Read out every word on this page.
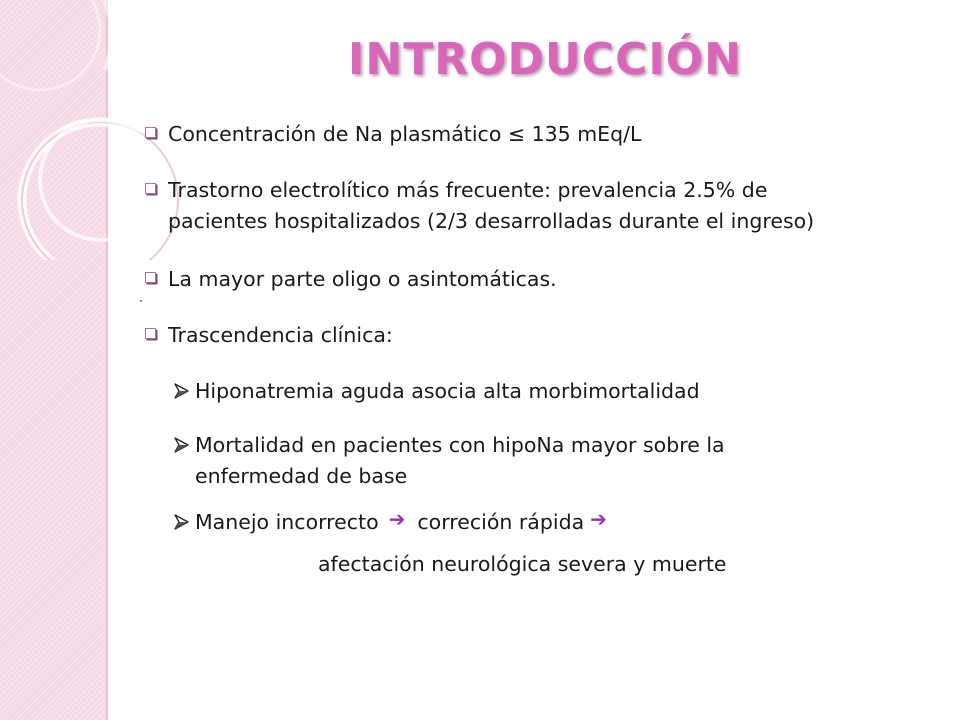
INTRODUCCIÓN
Concentración de Na plasmático ≤ 135 mEq/L
Trastorno electrolítico más frecuente: prevalencia 2.5% de
pacientes hospitalizados (2/3 desarrolladas durante el ingreso)
La mayor parte oligo o asintomáticas.
Trascendencia clínica:
Hiponatremia aguda asocia alta morbimortalidad
Mortalidad en pacientes con hipoNa mayor sobre la
enfermedad de base
Manejo incorrecto ➔ correción rápida ➔
afectación neurológica severa y muerte
